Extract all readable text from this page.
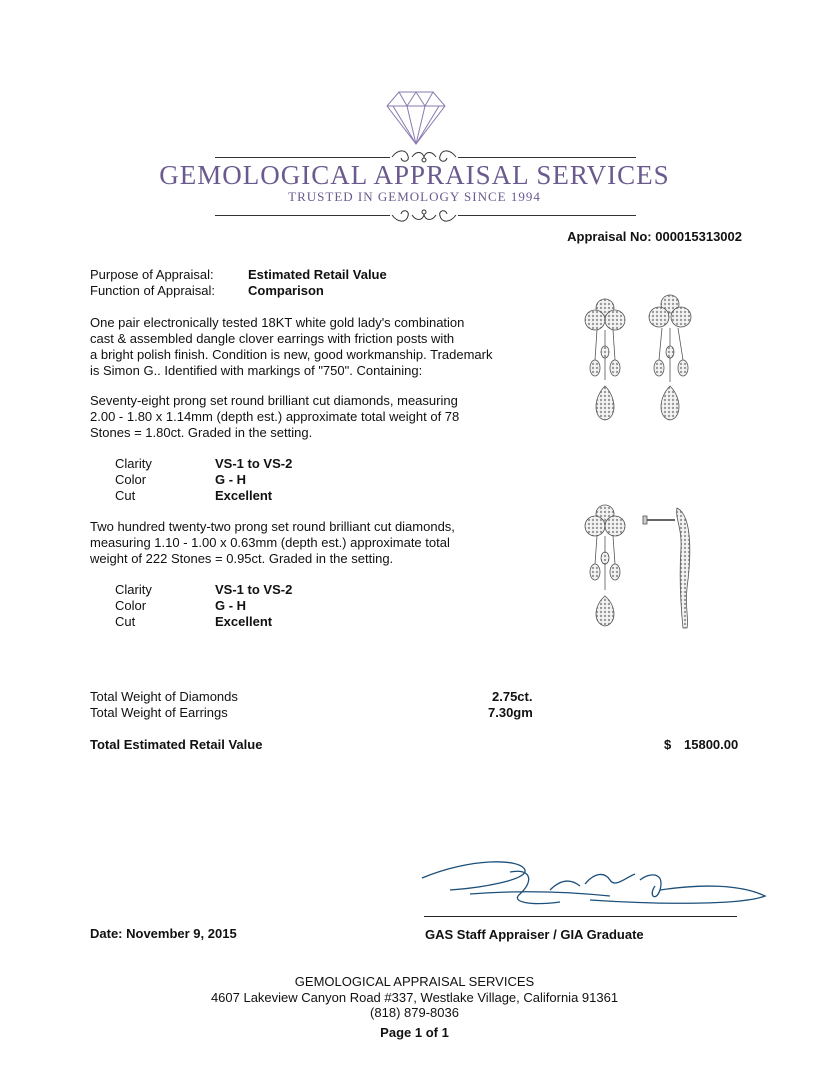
GEMOLOGICAL APPRAISAL SERVICES
TRUSTED IN GEMOLOGY SINCE 1994
Appraisal No: 000015313002
Purpose of Appraisal:	Estimated Retail Value
Function of Appraisal:	Comparison
One pair electronically tested 18KT white gold lady's combination
cast & assembled dangle clover earrings with friction posts with
a bright polish finish. Condition is new, good workmanship. Trademark
is Simon G.. Identified with markings of "750". Containing:
Seventy-eight prong set round brilliant cut diamonds, measuring
2.00 - 1.80 x 1.14mm (depth est.) approximate total weight of 78
Stones = 1.80ct. Graded in the setting.
Clarity	VS-1 to VS-2
Color	G - H
Cut	Excellent
Two hundred twenty-two prong set round brilliant cut diamonds,
measuring 1.10 - 1.00 x 0.63mm (depth est.) approximate total
weight of 222 Stones = 0.95ct. Graded in the setting.
Clarity	VS-1 to VS-2
Color	G - H
Cut	Excellent
Total Weight of Diamonds	2.75ct.
Total Weight of Earrings	7.30gm
Total Estimated Retail Value	$ 15800.00
Date: November 9, 2015	GAS Staff Appraiser / GIA Graduate
GEMOLOGICAL APPRAISAL SERVICES
4607 Lakeview Canyon Road #337, Westlake Village, California 91361
(818) 879-8036
Page 1 of 1
